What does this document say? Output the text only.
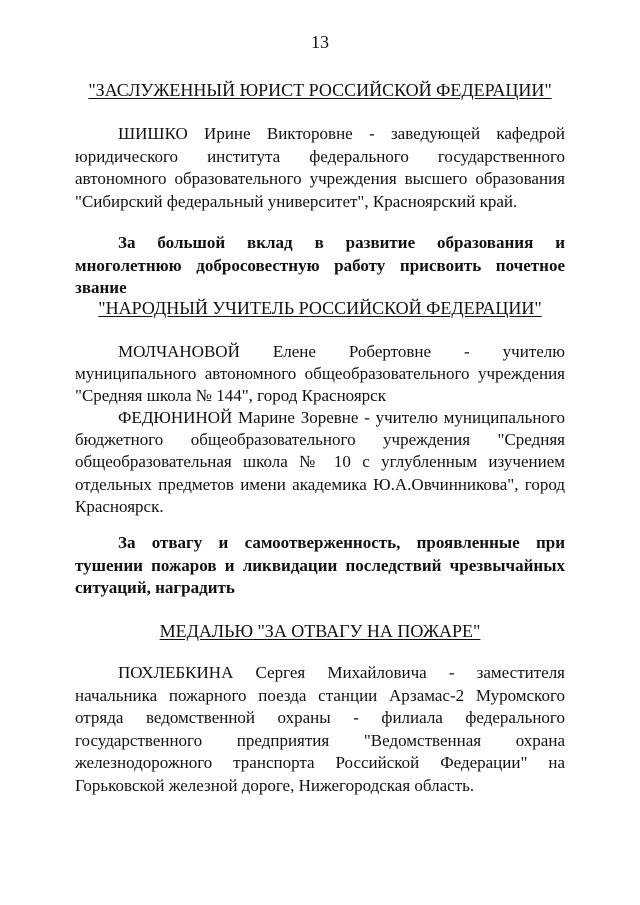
13
"ЗАСЛУЖЕННЫЙ ЮРИСТ РОССИЙСКОЙ ФЕДЕРАЦИИ"

ШИШКО Ирине Викторовне - заведующей кафедрой юридического института федерального государственного автономного образовательного учреждения высшего образования "Сибирский федеральный университет", Красноярский край.

За большой вклад в развитие образования и многолетнюю добросовестную работу присвоить почетное звание

"НАРОДНЫЙ УЧИТЕЛЬ РОССИЙСКОЙ ФЕДЕРАЦИИ"

МОЛЧАНОВОЙ Елене Робертовне - учителю муниципального автономного общеобразовательного учреждения "Средняя школа № 144", город Красноярск

ФЕДЮНИНОЙ Марине Зоревне - учителю муниципального бюджетного общеобразовательного учреждения "Средняя общеобразовательная школа № 10 с углубленным изучением отдельных предметов имени академика Ю.А.Овчинникова", город Красноярск.

За отвагу и самоотверженность, проявленные при тушении пожаров и ликвидации последствий чрезвычайных ситуаций, наградить

МЕДАЛЬЮ "ЗА ОТВАГУ НА ПОЖАРЕ"

ПОХЛЕБКИНА Сергея Михайловича - заместителя начальника пожарного поезда станции Арзамас-2 Муромского отряда ведомственной охраны - филиала федерального государственного предприятия "Ведомственная охрана железнодорожного транспорта Российской Федерации" на Горьковской железной дороге, Нижегородская область.
